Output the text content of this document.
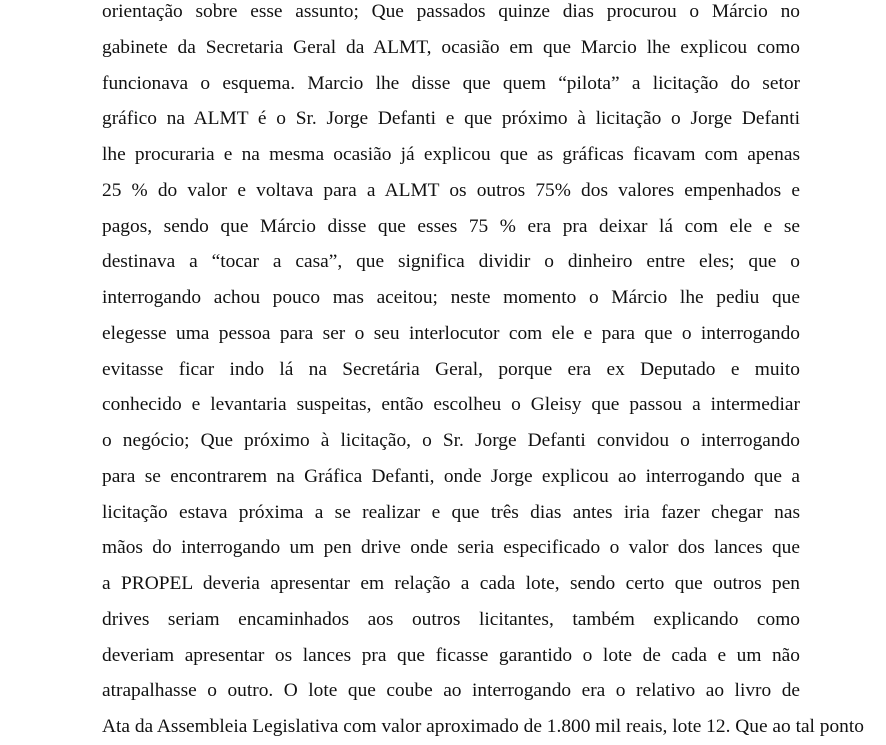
orientação sobre esse assunto; Que passados quinze dias procurou o Márcio no
gabinete da Secretaria Geral da ALMT, ocasião em que Marcio lhe explicou como
funcionava o esquema. Marcio lhe disse que quem “pilota” a licitação do setor
gráfico na ALMT é o Sr. Jorge Defanti e que próximo à licitação o Jorge Defanti
lhe procuraria e na mesma ocasião já explicou que as gráficas ficavam com apenas
25 % do valor e voltava para a ALMT os outros 75% dos valores empenhados e
pagos, sendo que Márcio disse que esses 75 % era pra deixar lá com ele e se
destinava a “tocar a casa”, que significa dividir o dinheiro entre eles; que o
interrogando achou pouco mas aceitou; neste momento o Márcio lhe pediu que
elegesse uma pessoa para ser o seu interlocutor com ele e para que o interrogando
evitasse ficar indo lá na Secretária Geral, porque era ex Deputado e muito
conhecido e levantaria suspeitas, então escolheu o Gleisy que passou a intermediar
o negócio; Que próximo à licitação, o Sr. Jorge Defanti convidou o interrogando
para se encontrarem na Gráfica Defanti, onde Jorge explicou ao interrogando que a
licitação estava próxima a se realizar e que três dias antes iria fazer chegar nas
mãos do interrogando um pen drive onde seria especificado o valor dos lances que
a PROPEL deveria apresentar em relação a cada lote, sendo certo que outros pen
drives seriam encaminhados aos outros licitantes, também explicando como
deveriam apresentar os lances pra que ficasse garantido o lote de cada e um não
atrapalhasse o outro. O lote que coube ao interrogando era o relativo ao livro de
Ata da Assembleia Legislativa com valor aproximado de 1.800 mil reais, lote 12. Que ao tal ponto
